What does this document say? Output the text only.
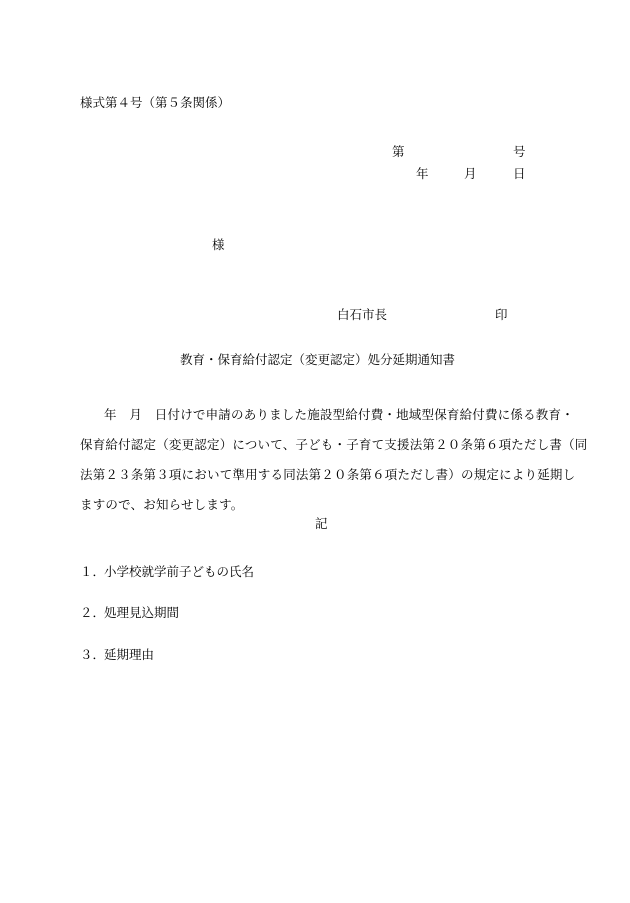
様式第４号（第５条関係）
第	号
年	月	日
様
白石市長	印
教育・保育給付認定（変更認定）処分延期通知書
年　月　日付けで申請のありました施設型給付費・地域型保育給付費に係る教育・
保育給付認定（変更認定）について、子ども・子育て支援法第２０条第６項ただし書（同
法第２３条第３項において準用する同法第２０条第６項ただし書）の規定により延期し
ますので、お知らせします。
記
１．小学校就学前子どもの氏名
２．処理見込期間
３．延期理由
